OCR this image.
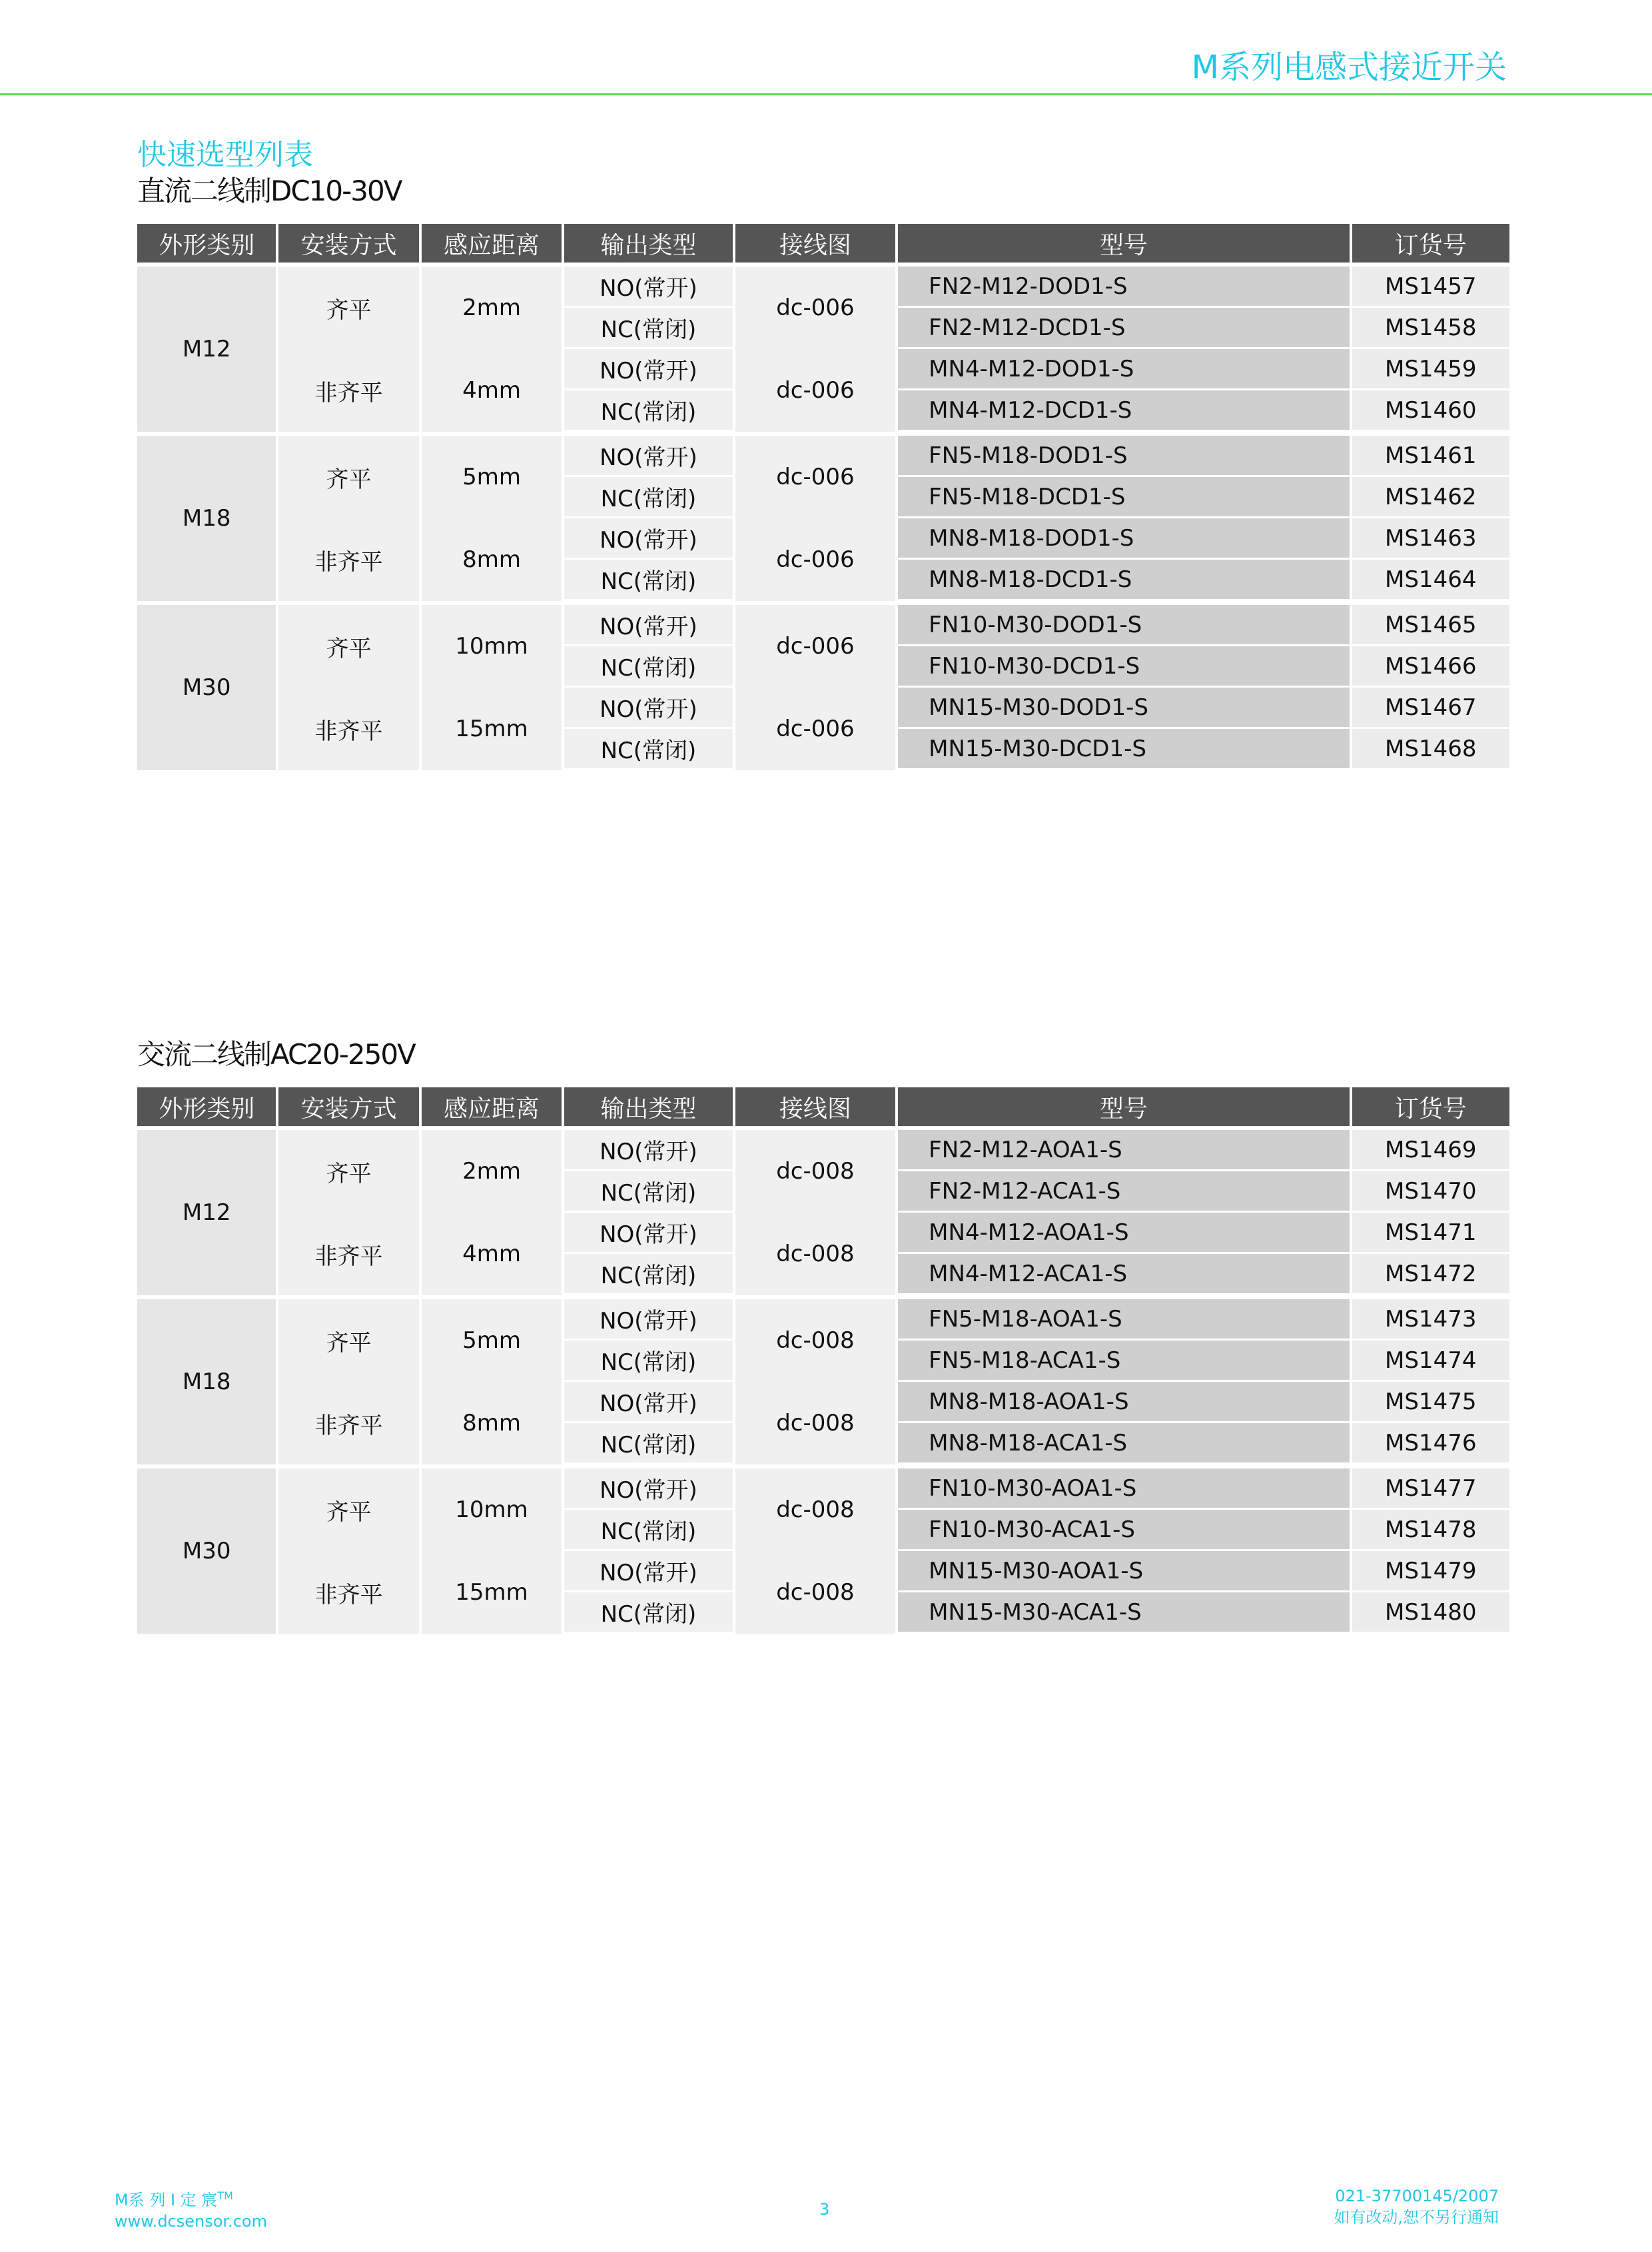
M系列电感式接近开关
快速选型列表
直流二线制DC10-30V
外形类别	安装方式	感应距离	输出类型	接线图	型号	订货号

M12	齐平	2mm	NO(常开)	dc-006	FN2-M12-DOD1-S	MS1457
			NC(常闭)		FN2-M12-DCD1-S	MS1458
	非齐平	4mm	NO(常开)	dc-006	MN4-M12-DOD1-S	MS1459
			NC(常闭)		MN4-M12-DCD1-S	MS1460

M18	齐平	5mm	NO(常开)	dc-006	FN5-M18-DOD1-S	MS1461
			NC(常闭)		FN5-M18-DCD1-S	MS1462
	非齐平	8mm	NO(常开)	dc-006	MN8-M18-DOD1-S	MS1463
			NC(常闭)		MN8-M18-DCD1-S	MS1464

M30	齐平	10mm	NO(常开)	dc-006	FN10-M30-DOD1-S	MS1465
			NC(常闭)		FN10-M30-DCD1-S	MS1466
	非齐平	15mm	NO(常开)	dc-006	MN15-M30-DOD1-S	MS1467
			NC(常闭)		MN15-M30-DCD1-S	MS1468
交流二线制AC20-250V
外形类别	安装方式	感应距离	输出类型	接线图	型号	订货号

M12	齐平	2mm	NO(常开)	dc-008	FN2-M12-AOA1-S	MS1469
			NC(常闭)		FN2-M12-ACA1-S	MS1470
	非齐平	4mm	NO(常开)	dc-008	MN4-M12-AOA1-S	MS1471
			NC(常闭)		MN4-M12-ACA1-S	MS1472

M18	齐平	5mm	NO(常开)	dc-008	FN5-M18-AOA1-S	MS1473
			NC(常闭)		FN5-M18-ACA1-S	MS1474
	非齐平	8mm	NO(常开)	dc-008	MN8-M18-AOA1-S	MS1475
			NC(常闭)		MN8-M18-ACA1-S	MS1476

M30	齐平	10mm	NO(常开)	dc-008	FN10-M30-AOA1-S	MS1477
			NC(常闭)		FN10-M30-ACA1-S	MS1478
	非齐平	15mm	NO(常开)	dc-008	MN15-M30-AOA1-S	MS1479
			NC(常闭)		MN15-M30-ACA1-S	MS1480
M系 列 I 定 宸™
www.dcsensor.com
3
021-37700145/2007
如有改动,恕不另行通知
